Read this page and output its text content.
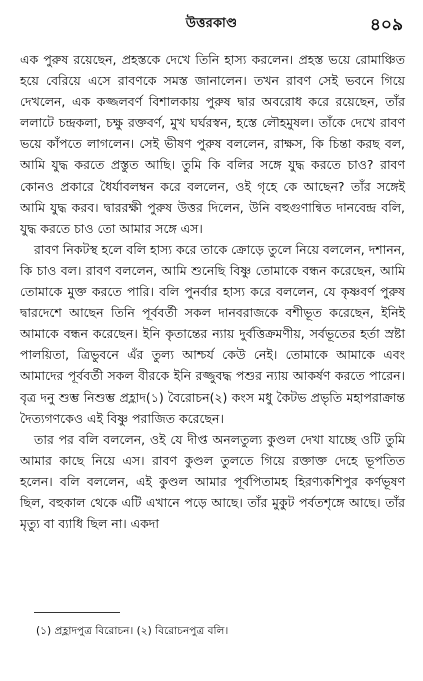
উত্তরকাণ্ড	৪০৯

এক পুরুষ রয়েছেন, প্রহস্তকে দেখে তিনি হাস্য করলেন। প্রহস্ত ভয়ে রোমাঞ্চিত হয়ে বেরিয়ে এসে রাবণকে সমস্ত জানালেন। তখন রাবণ সেই ভবনে গিয়ে দেখলেন, এক কজ্জলবর্ণ বিশালকায় পুরুষ দ্বার অবরোধ করে রয়েছেন, তাঁর ললাটে চন্দ্রকলা, চক্ষু রক্তবর্ণ, মুখ ঘর্ঘরস্বন, হস্তে লৌহমুষল। তাঁকে দেখে রাবণ ভয়ে কাঁপতে লাগলেন। সেই ভীষণ পুরুষ বললেন, রাক্ষস, কি চিন্তা করছ বল, আমি যুদ্ধ করতে প্রস্তুত আছি। তুমি কি বলির সঙ্গে যুদ্ধ করতে চাও? রাবণ কোনও প্রকারে ধৈর্যাবলম্বন করে বললেন, ওই গৃহে কে আছেন? তাঁর সঙ্গেই আমি যুদ্ধ করব। দ্বাররক্ষী পুরুষ উত্তর দিলেন, উনি বহুগুণান্বিত দানবেন্দ্র বলি, যুদ্ধ করতে চাও তো আমার সঙ্গে এস।

রাবণ নিকটস্থ হলে বলি হাস্য করে তাকে ক্রোড়ে তুলে নিয়ে বললেন, দশানন, কি চাও বল। রাবণ বললেন, আমি শুনেছি বিষ্ণু তোমাকে বন্ধন করেছেন, আমি তোমাকে মুক্ত করতে পারি। বলি পুনর্বার হাস্য করে বললেন, যে কৃষ্ণবর্ণ পুরুষ দ্বারদেশে আছেন তিনি পূর্ববর্তী সকল দানবরাজকে বশীভূত করেছেন, ইনিই আমাকে বন্ধন করেছেন। ইনি কৃতান্তের ন্যায় দুর্বত্তিক্রমণীয়, সর্বভূতের হর্তা স্রষ্টা পালয়িতা, ত্রিভুবনে এঁর তুল্য আশ্চর্য কেউ নেই। তোমাকে আমাকে এবং আমাদের পূর্ববর্তী সকল বীরকে ইনি রজ্জুবদ্ধ পশুর ন্যায় আকর্ষণ করতে পারেন। বৃত্র দনু শুম্ভ নিশুম্ভ প্রহ্লাদ(১) বৈরোচন(২) কংস মধু কৈটভ প্রভৃতি মহাপরাক্রান্ত দৈত্যগণকেও এই বিষ্ণু পরাজিত করেছেন।

তার পর বলি বললেন, ওই যে দীপ্ত অনলতুল্য কুণ্ডল দেখা যাচ্ছে ওটি তুমি আমার কাছে নিয়ে এস। রাবণ কুণ্ডল তুলতে গিয়ে রক্তাক্ত দেহে ভূপতিত হলেন। বলি বললেন, এই কুণ্ডল আমার পূর্বপিতামহ হিরণ্যকশিপুর কর্ণভূষণ ছিল, বহুকাল থেকে এটি এখানে পড়ে আছে। তাঁর মুকুট পর্বতশৃঙ্গে আছে। তাঁর মৃত্যু বা ব্যাধি ছিল না। একদা

(১) প্রহ্লাদপুত্র বিরোচন। (২) বিরোচনপুত্র বলি।
